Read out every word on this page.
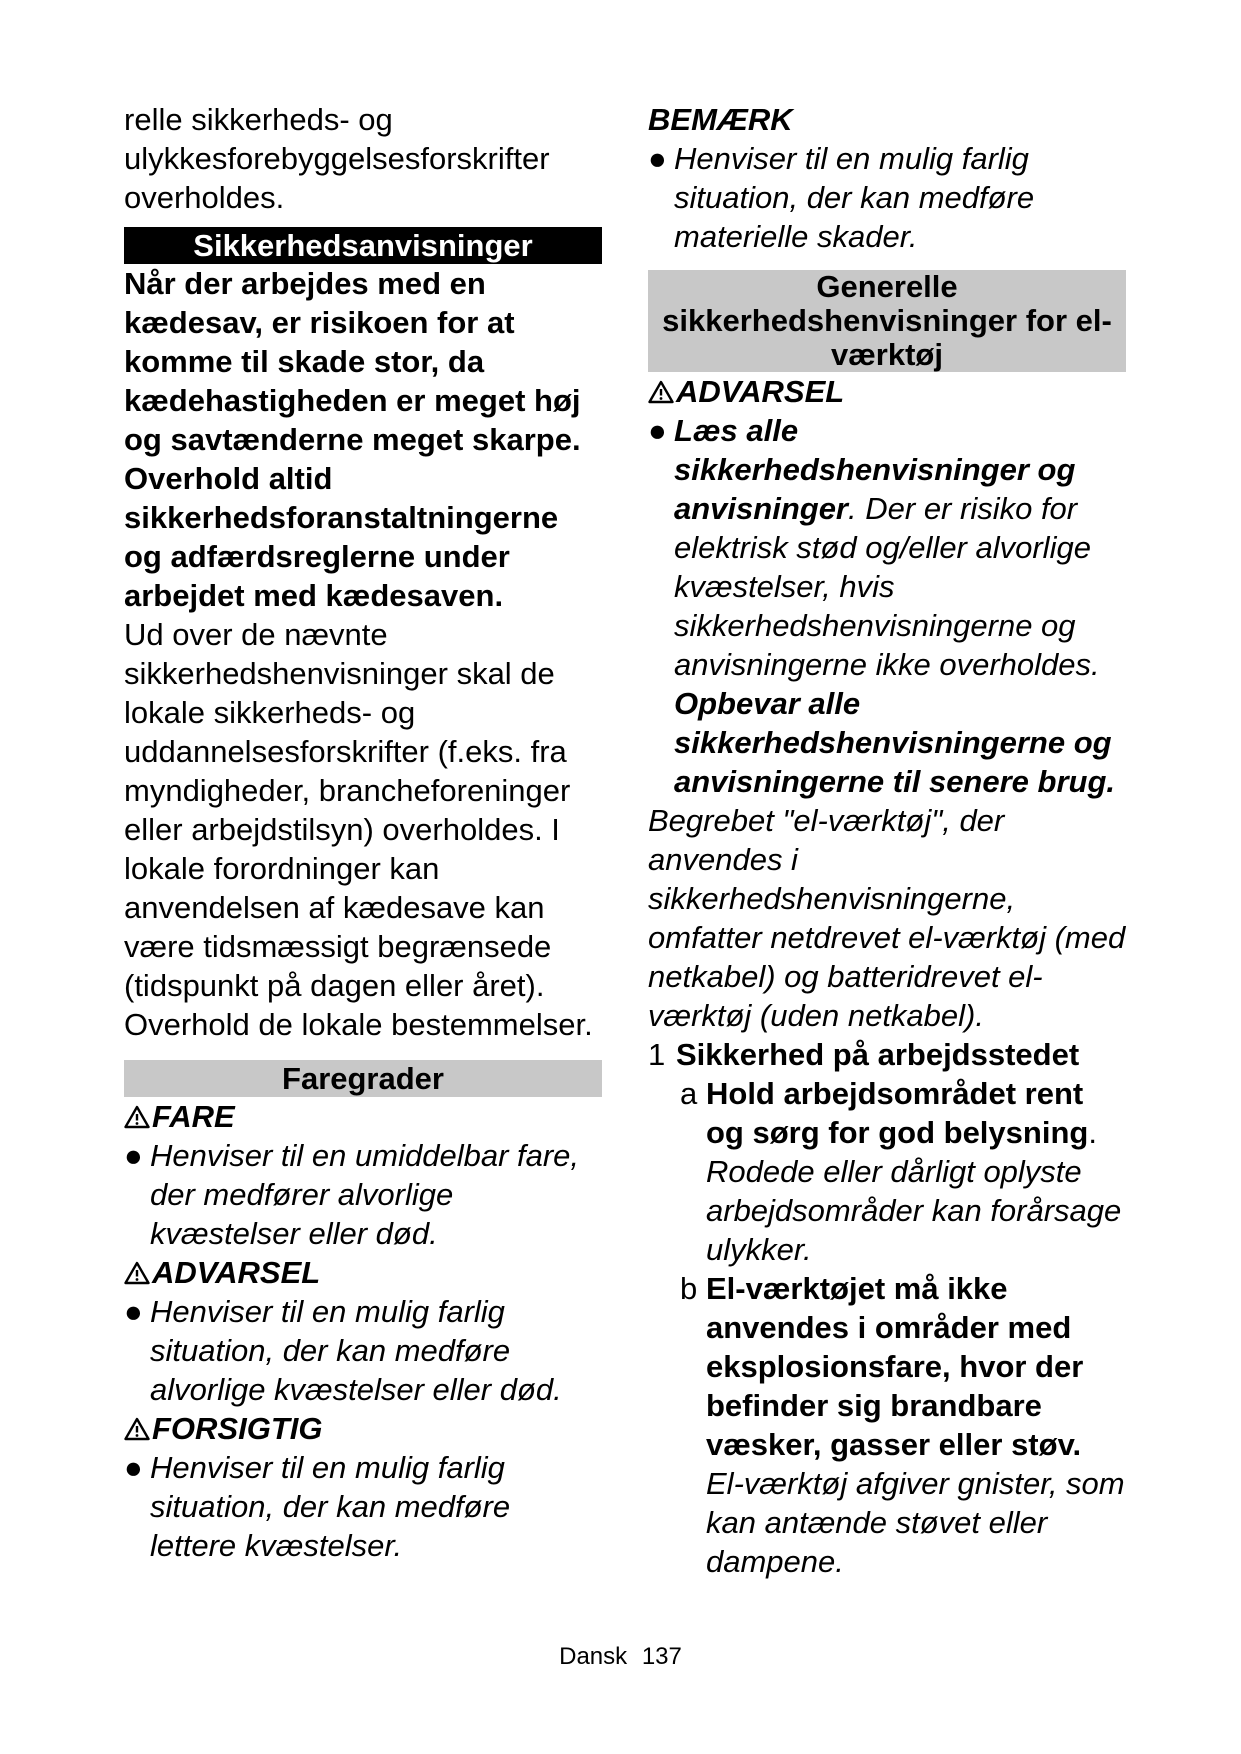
relle sikkerheds- og ulykkesforebyggelsesforskrifter overholdes.

Sikkerhedsanvisninger

Når der arbejdes med en kædesav, er risikoen for at komme til skade stor, da kædehastigheden er meget høj og savtænderne meget skarpe. Overhold altid sikkerhedsforanstaltningerne og adfærdsreglerne under arbejdet med kædesaven.

Ud over de nævnte sikkerhedshenvisninger skal de lokale sikkerheds- og uddannelsesforskrifter (f.eks. fra myndigheder, brancheforeninger eller arbejdstilsyn) overholdes. I lokale forordninger kan anvendelsen af kædesave kan være tidsmæssigt begrænsede (tidspunkt på dagen eller året). Overhold de lokale bestemmelser.

Faregrader

FARE

● Henviser til en umiddelbar fare, der medfører alvorlige kvæstelser eller død.

ADVARSEL

● Henviser til en mulig farlig situation, der kan medføre alvorlige kvæstelser eller død.

FORSIGTIG

● Henviser til en mulig farlig situation, der kan medføre lettere kvæstelser.

BEMÆRK

● Henviser til en mulig farlig situation, der kan medføre materielle skader.

Generelle sikkerhedshenvisninger for el-værktøj

ADVARSEL

● Læs alle sikkerhedshenvisninger og anvisninger. Der er risiko for elektrisk stød og/eller alvorlige kvæstelser, hvis sikkerhedshenvisningerne og anvisningerne ikke overholdes. Opbevar alle sikkerhedshenvisningerne og anvisningerne til senere brug.

Begrebet "el-værktøj", der anvendes i sikkerhedshenvisningerne, omfatter netdrevet el-værktøj (med netkabel) og batteridrevet el-værktøj (uden netkabel).

1 Sikkerhed på arbejdsstedet

a Hold arbejdsområdet rent og sørg for god belysning.

Rodede eller dårligt oplyste arbejdsområder kan forårsage ulykker.

b El-værktøjet må ikke anvendes i områder med eksplosionsfare, hvor der befinder sig brandbare væsker, gasser eller støv.

El-værktøj afgiver gnister, som kan antænde støvet eller dampene.

Dansk 137
